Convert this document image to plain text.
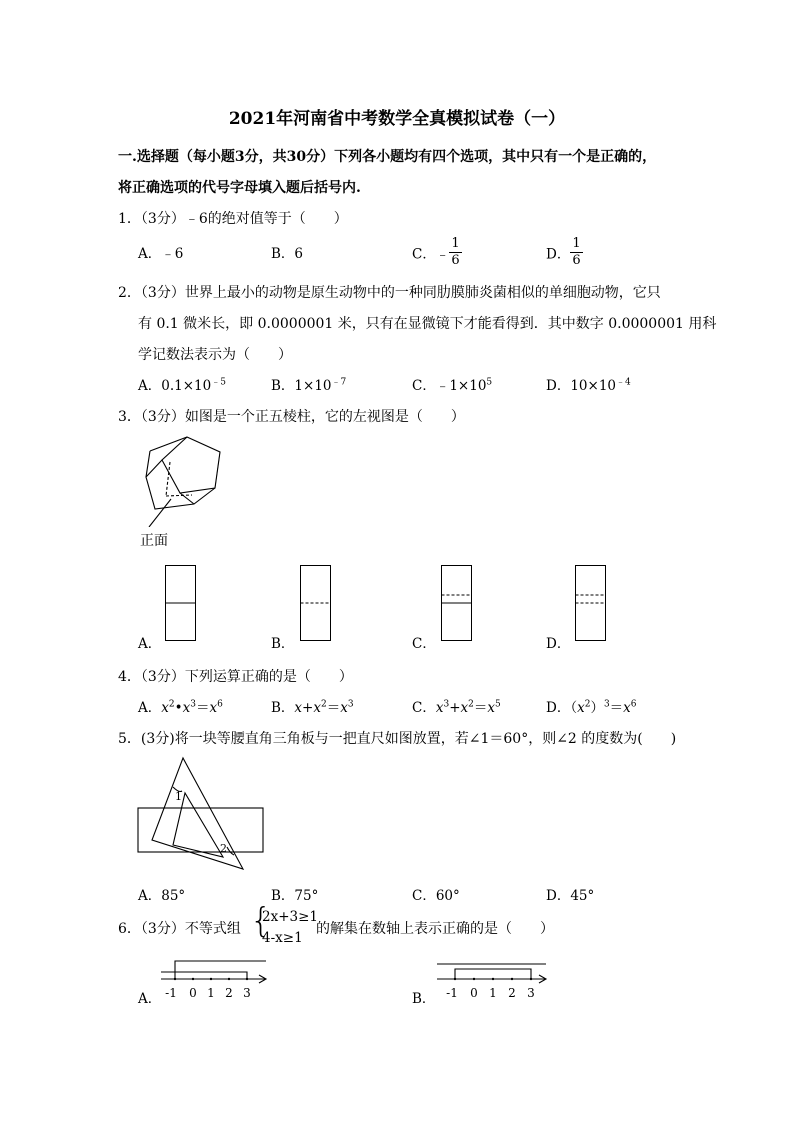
2021年河南省中考数学全真模拟试卷（一）
一.选择题（每小题3分，共30分）下列各小题均有四个选项，其中只有一个是正确的，
将正确选项的代号字母填入题后括号内.
1．（3分）﹣6的绝对值等于（　　）
A．﹣6	B．6	C．﹣ $\frac{1}{6}$	D． $\frac{1}{6}$
2．（3分）世界上最小的动物是原生动物中的一种同肋膜肺炎菌相似的单细胞动物，它只
有 0.1 微米长，即 0.0000001 米，只有在显微镜下才能看得到．其中数字 0.0000001 用科
学记数法表示为（　　）
A．$0.1\times 10^{﹣5}$	B．$1\times 10^{﹣7}$	C．$﹣1\times 10^5$	D．$10\times 10^{﹣4}$
3．（3分）如图是一个正五棱柱，它的左视图是（　　）
正面
A．	B．	C．	D．
4．（3分）下列运算正确的是（　　）
A．$x^2•x^3=x^6$	B．$x+x^2=x^3$	C．$x^3+x^2=x^5$	D．$(x^2)^3=x^6$
5．(3分)将一块等腰直角三角板与一把直尺如图放置，若∠1＝60°，则∠2 的度数为(　　)
1
2
A．85°	B．75°	C．60°	D．45°
6．（3分）不等式组 {
2x+3≥1
4-x≥1
的解集在数轴上表示正确的是（　　）
-1 0 1 2 3
A．	-1 0 1 2 3
B．
